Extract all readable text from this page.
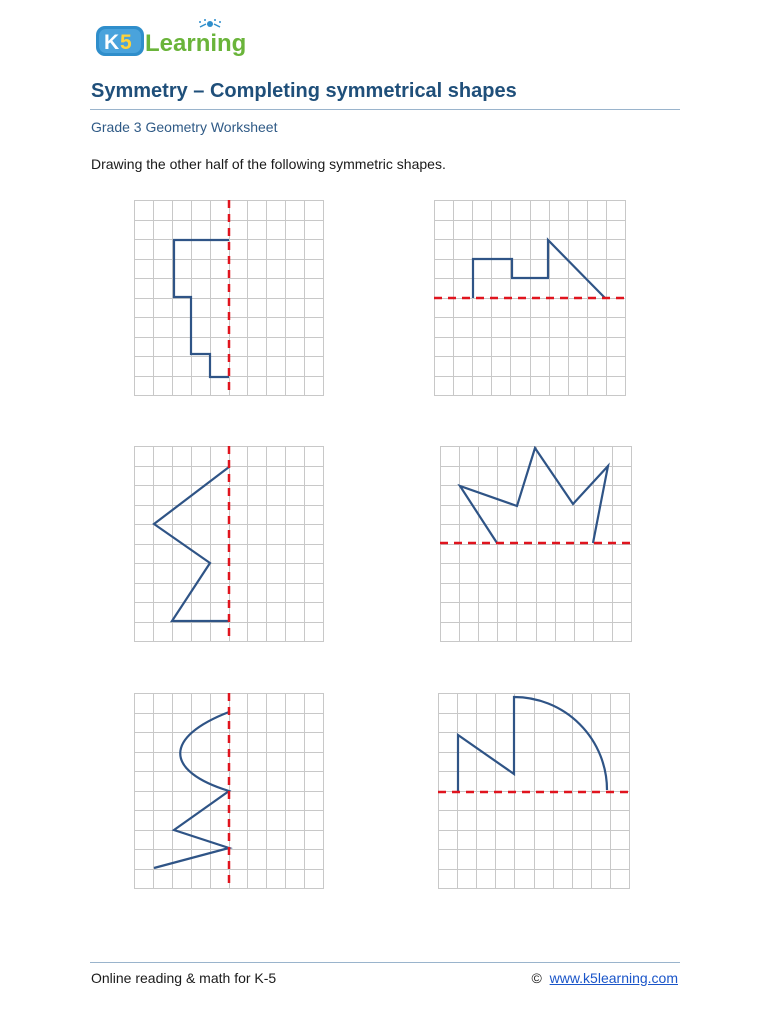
K 5 Learning
Symmetry – Completing symmetrical shapes
Grade 3 Geometry Worksheet
Drawing the other half of the following symmetric shapes.
Online reading & math for K-5	© www.k5learning.com
